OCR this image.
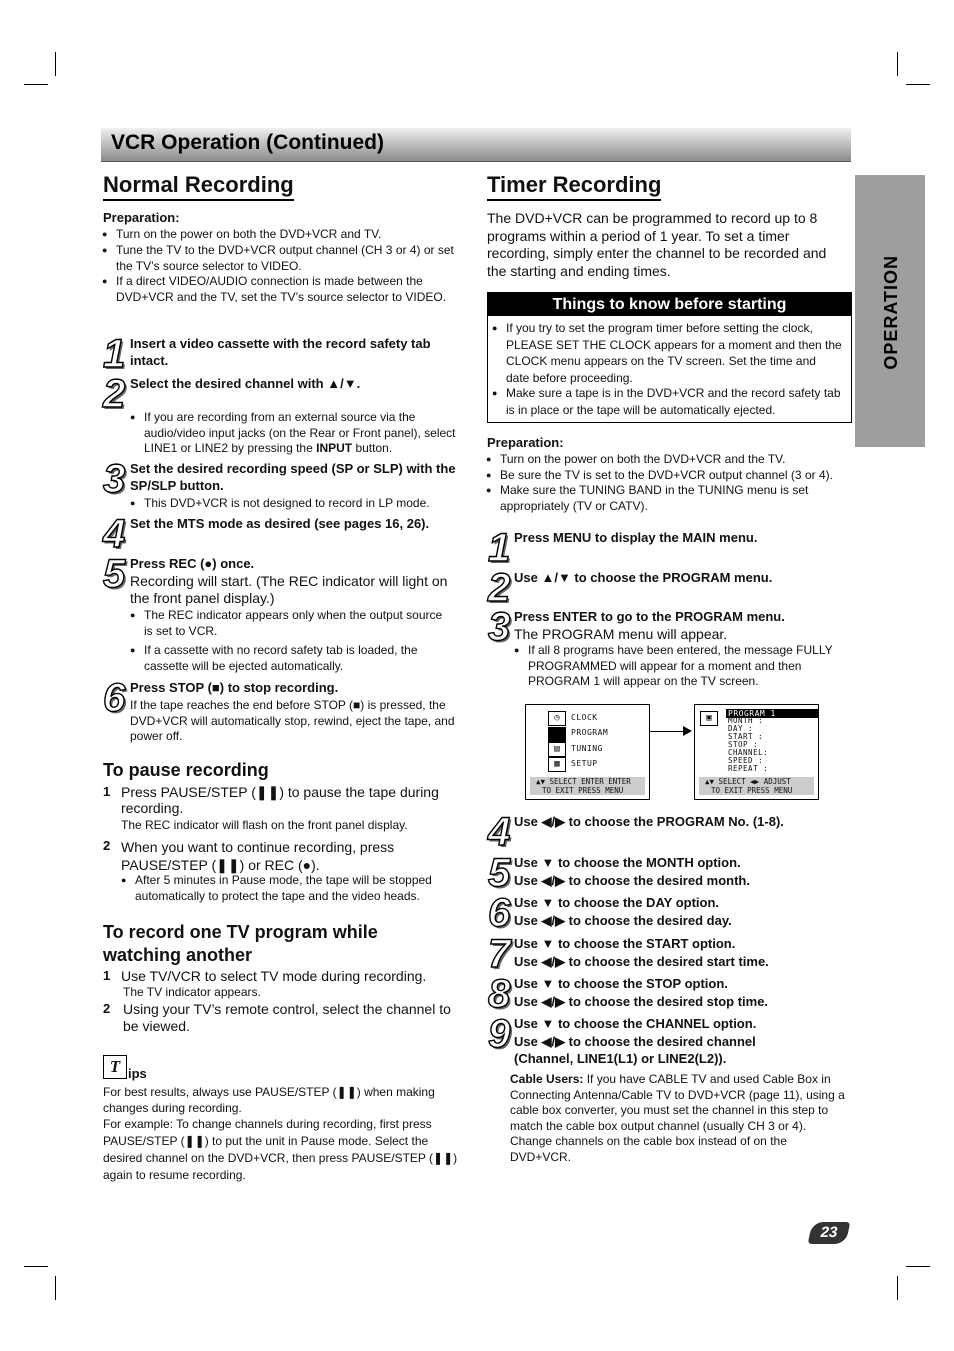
VCR Operation (Continued)
OPERATION
Normal Recording
Preparation:
● Turn on the power on both the DVD+VCR and TV.
● Tune the TV to the DVD+VCR output channel (CH 3 or 4) or set the TV’s source selector to VIDEO.
● If a direct VIDEO/AUDIO connection is made between the DVD+VCR and the TV, set the TV’s source selector to VIDEO.
1 Insert a video cassette with the record safety tab intact.
2 Select the desired channel with ▲/▼.
● If you are recording from an external source via the audio/video input jacks (on the Rear or Front panel), select LINE1 or LINE2 by pressing the INPUT button.
3 Set the desired recording speed (SP or SLP) with the SP/SLP button.
● This DVD+VCR is not designed to record in LP mode.
4 Set the MTS mode as desired (see pages 16, 26).
5 Press REC (●) once.
Recording will start. (The REC indicator will light on the front panel display.)
● The REC indicator appears only when the output source is set to VCR.
● If a cassette with no record safety tab is loaded, the cassette will be ejected automatically.
6 Press STOP (■) to stop recording.
If the tape reaches the end before STOP (■) is pressed, the DVD+VCR will automatically stop, rewind, eject the tape, and power off.
To pause recording
1 Press PAUSE/STEP (❚❚) to pause the tape during recording.
The REC indicator will flash on the front panel display.
2 When you want to continue recording, press PAUSE/STEP (❚❚) or REC (●).
● After 5 minutes in Pause mode, the tape will be stopped automatically to protect the tape and the video heads.
To record one TV program while watching another
1 Use TV/VCR to select TV mode during recording.
The TV indicator appears.
2 Using your TV’s remote control, select the channel to be viewed.
T ips
For best results, always use PAUSE/STEP (❚❚) when making changes during recording.
For example: To change channels during recording, first press PAUSE/STEP (❚❚) to put the unit in Pause mode. Select the desired channel on the DVD+VCR, then press PAUSE/STEP (❚❚) again to resume recording.
Timer Recording
The DVD+VCR can be programmed to record up to 8 programs within a period of 1 year. To set a timer recording, simply enter the channel to be recorded and the starting and ending times.
Things to know before starting
● If you try to set the program timer before setting the clock, PLEASE SET THE CLOCK appears for a moment and then the CLOCK menu appears on the TV screen. Set the time and date before proceeding.
● Make sure a tape is in the DVD+VCR and the record safety tab is in place or the tape will be automatically ejected.
Preparation:
● Turn on the power on both the DVD+VCR and the TV.
● Be sure the TV is set to the DVD+VCR output channel (3 or 4).
● Make sure the TUNING BAND in the TUNING menu is set appropriately (TV or CATV).
1 Press MENU to display the MAIN menu.
2 Use ▲/▼ to choose the PROGRAM menu.
3 Press ENTER to go to the PROGRAM menu.
The PROGRAM menu will appear.
● If all 8 programs have been entered, the message FULLY PROGRAMMED will appear for a moment and then PROGRAM 1 will appear on the TV screen.
◷
▤
▦
CLOCK
PROGRAM
TUNING
SETUP
▲▼ SELECT ENTER ENTER
TO EXIT PRESS MENU
▣	PROGRAM 1
MONTH :
DAY :
START :
STOP :
CHANNEL:
SPEED :
REPEAT :
▲▼ SELECT ◀▶ ADJUST
TO EXIT PRESS MENU
4 Use ◀/▶ to choose the PROGRAM No. (1-8).
5 Use ▼ to choose the MONTH option.
Use ◀/▶ to choose the desired month.
6 Use ▼ to choose the DAY option.
Use ◀/▶ to choose the desired day.
7 Use ▼ to choose the START option.
Use ◀/▶ to choose the desired start time.
8 Use ▼ to choose the STOP option.
Use ◀/▶ to choose the desired stop time.
9 Use ▼ to choose the CHANNEL option.
Use ◀/▶ to choose the desired channel (Channel, LINE1(L1) or LINE2(L2)).
Cable Users: If you have CABLE TV and used Cable Box in Connecting Antenna/Cable TV to DVD+VCR (page 11), using a cable box converter, you must set the channel in this step to match the cable box output channel (usually CH 3 or 4). Change channels on the cable box instead of on the DVD+VCR.
23
